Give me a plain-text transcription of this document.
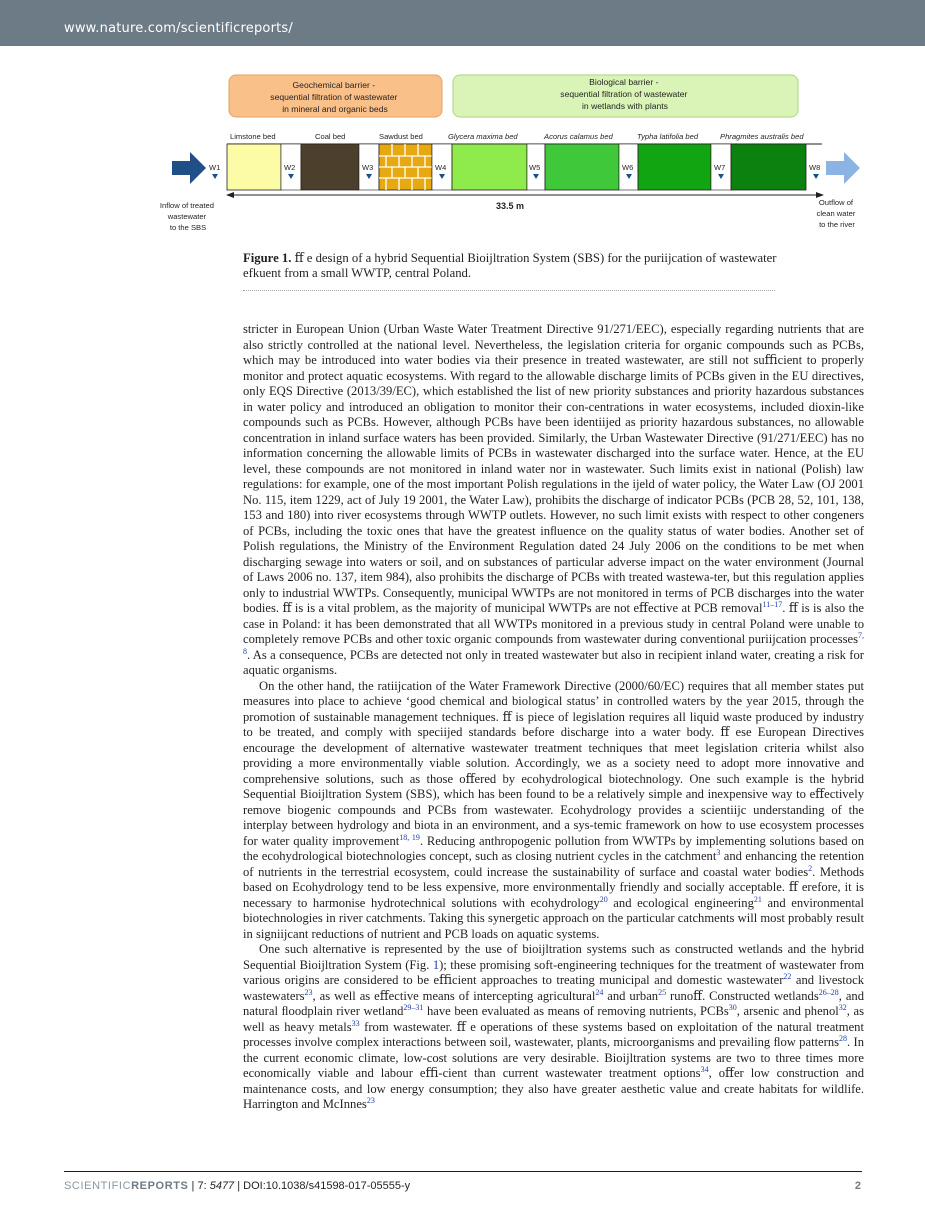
www.nature.com/scientificreports/
Geochemical barrier - sequential filtration of wastewater in mineral and organic beds
Biological barrier - sequential filtration of wastewater in wetlands with plants
Limstone bed	Coal bed	Sawdust bed	Glycera maxima bed	Acorus calamus bed	Typha latifolia bed	Phragmites australis bed
W1	W2	W3	W4	W5	W6	W7	W8
33.5 m
Inflow of treated wastewater to the SBS
Outflow of clean water to the river
Figure 1. ﬀ e design of a hybrid Sequential Bioijltration System (SBS) for the puriijcation of wastewater efkuent from a small WWTP, central Poland.

stricter in European Union (Urban Waste Water Treatment Directive 91/271/EEC), especially regarding nutrients that are also strictly controlled at the national level. Nevertheless, the legislation criteria for organic compounds such as PCBs, which may be introduced into water bodies via their presence in treated wastewater, are still not suﬃcient to properly monitor and protect aquatic ecosystems. With regard to the allowable discharge limits of PCBs given in the EU directives, only EQS Directive (2013/39/EC), which established the list of new priority substances and priority hazardous substances in water policy and introduced an obligation to monitor their con-centrations in water ecosystems, included dioxin-like compounds such as PCBs. However, although PCBs have been identiijed as priority hazardous substances, no allowable concentration in inland surface waters has been provided. Similarly, the Urban Wastewater Directive (91/271/EEC) has no information concerning the allowable limits of PCBs in wastewater discharged into the surface water. Hence, at the EU level, these compounds are not monitored in inland water nor in wastewater. Such limits exist in national (Polish) law regulations: for example, one of the most important Polish regulations in the ijeld of water policy, the Water Law (OJ 2001 No. 115, item 1229, act of July 19 2001, the Water Law), prohibits the discharge of indicator PCBs (PCB 28, 52, 101, 138, 153 and 180) into river ecosystems through WWTP outlets. However, no such limit exists with respect to other congeners of PCBs, including the toxic ones that have the greatest inﬂuence on the quality status of water bodies. Another set of Polish regulations, the Ministry of the Environment Regulation dated 24 July 2006 on the conditions to be met when discharging sewage into waters or soil, and on substances of particular adverse impact on the water environment (Journal of Laws 2006 no. 137, item 984), also prohibits the discharge of PCBs with treated wastewa-ter, but this regulation applies only to industrial WWTPs. Consequently, municipal WWTPs are not monitored in terms of PCB discharges into the water bodies. ﬀ is is a vital problem, as the majority of municipal WWTPs are not eﬀective at PCB removal$^{11-17}$. ﬀ is is also the case in Poland: it has been demonstrated that all WWTPs monitored in a previous study in central Poland were unable to completely remove PCBs and other toxic organic compounds from wastewater during conventional puriijcation processes$^{7, 8}$. As a consequence, PCBs are detected not only in treated wastewater but also in recipient inland water, creating a risk for aquatic organisms.

On the other hand, the ratiijcation of the Water Framework Directive (2000/60/EC) requires that all member states put measures into place to achieve ‘good chemical and biological status’ in controlled waters by the year 2015, through the promotion of sustainable management techniques. ﬀ is piece of legislation requires all liquid waste produced by industry to be treated, and comply with speciijed standards before discharge into a water body. ﬀ ese European Directives encourage the development of alternative wastewater treatment techniques that meet legislation criteria whilst also providing a more environmentally viable solution. Accordingly, we as a society need to adopt more innovative and comprehensive solutions, such as those oﬀered by ecohydrological biotechnology. One such example is the hybrid Sequential Bioijltration System (SBS), which has been found to be a relatively simple and inexpensive way to eﬀectively remove biogenic compounds and PCBs from wastewater. Ecohydrology provides a scientiijc understanding of the interplay between hydrology and biota in an environment, and a sys-temic framework on how to use ecosystem processes for water quality improvement$^{18, 19}$. Reducing anthropogenic pollution from WWTPs by implementing solutions based on the ecohydrological biotechnologies concept, such as closing nutrient cycles in the catchment$^3$ and enhancing the retention of nutrients in the terrestrial ecosystem, could increase the sustainability of surface and coastal water bodies$^2$. Methods based on Ecohydrology tend to be less expensive, more environmentally friendly and socially acceptable. ﬀ erefore, it is necessary to harmonise hydrotechnical solutions with ecohydrology$^{20}$ and ecological engineering$^{21}$ and environmental biotechnologies in river catchments. Taking this synergetic approach on the particular catchments will most probably result in signiijcant reductions of nutrient and PCB loads on aquatic systems.

One such alternative is represented by the use of bioijltration systems such as constructed wetlands and the hybrid Sequential Bioijltration System (Fig. 1); these promising soft-engineering techniques for the treatment of wastewater from various origins are considered to be eﬃcient approaches to treating municipal and domestic wastewater$^{22}$ and livestock wastewaters$^{23}$, as well as eﬀective means of intercepting agricultural$^{24}$ and urban$^{25}$ runoﬀ. Constructed wetlands$^{26-28}$, and natural ﬂoodplain river wetland$^{29-31}$ have been evaluated as means of removing nutrients, PCBs$^{30}$, arsenic and phenol$^{32}$, as well as heavy metals$^{33}$ from wastewater. ﬀ e operations of these systems based on exploitation of the natural treatment processes involve complex interactions between soil, wastewater, plants, microorganisms and prevailing ﬂow patterns$^{28}$. In the current economic climate, low-cost solutions are very desirable. Bioijltration systems are two to three times more economically viable and labour eﬃ-cient than current wastewater treatment options$^{34}$, oﬀer low construction and maintenance costs, and low energy consumption; they also have greater aesthetic value and create habitats for wildlife. Harrington and McInnes$^{23}$

SCIENTIFICREPORTS | 7: 5477 | DOI:10.1038/s41598-017-05555-y	2
